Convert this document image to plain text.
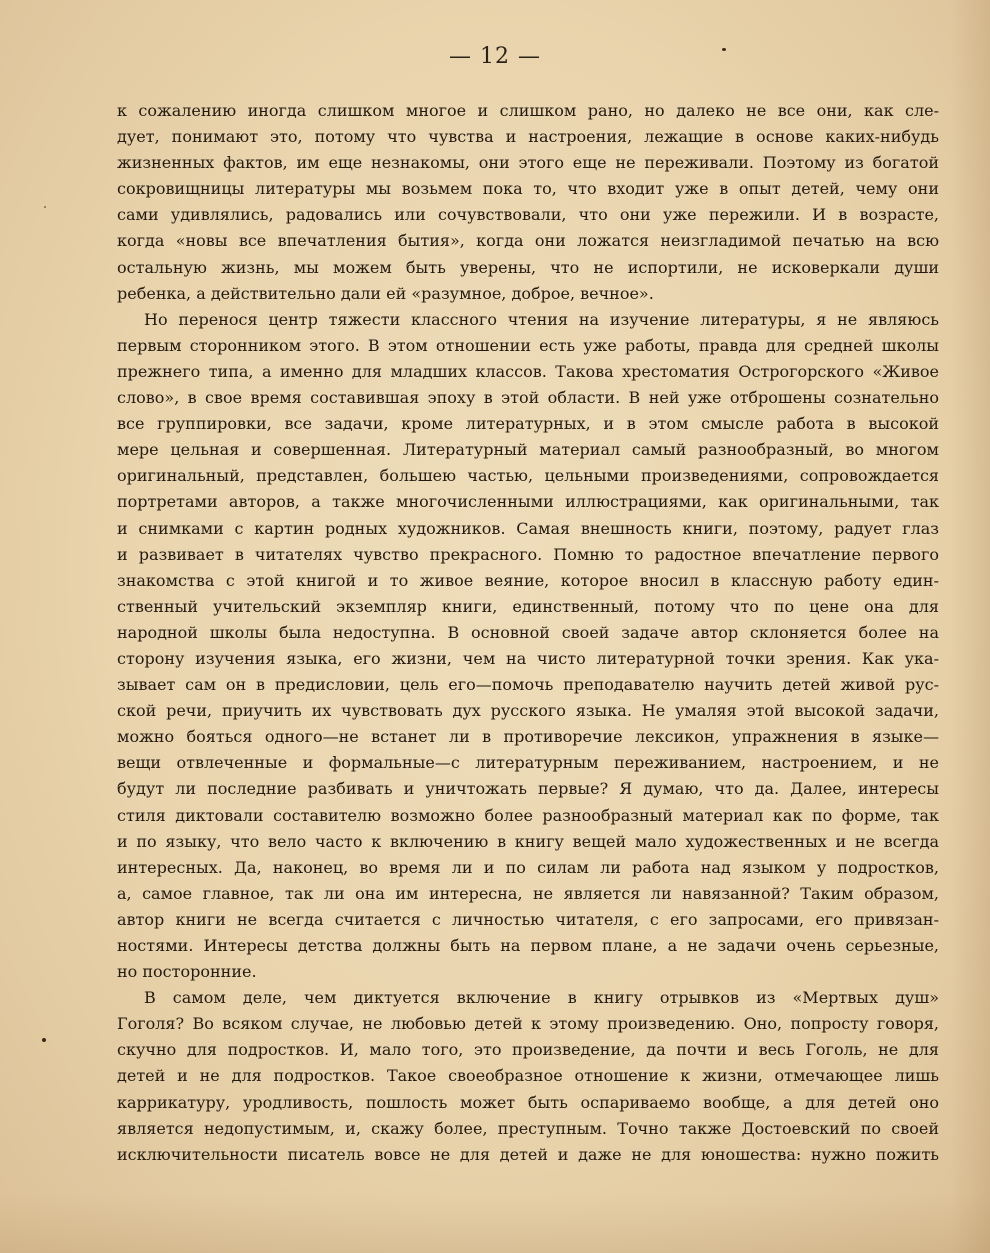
— 12 —

к сожалению иногда слишком многое и слишком рано, но далеко не все они, как сле-
дует, понимают это, потому что чувства и настроения, лежащие в основе каких-нибудь
жизненных фактов, им еще незнакомы, они этого еще не переживали. Поэтому из богатой
сокровищницы литературы мы возьмем пока то, что входит уже в опыт детей, чему они
сами удивлялись, радовались или сочувствовали, что они уже пережили. И в возрасте,
когда «новы все впечатления бытия», когда они ложатся неизгладимой печатью на всю
остальную жизнь, мы можем быть уверены, что не испортили, не исковеркали души
ребенка, а действительно дали ей «разумное, доброе, вечное».

Но перенося центр тяжести классного чтения на изучение литературы, я не являюсь
первым сторонником этого. В этом отношении есть уже работы, правда для средней школы
прежнего типа, а именно для младших классов. Такова хрестоматия Острогорского «Живое
слово», в свое время составившая эпоху в этой области. В ней уже отброшены сознательно
все группировки, все задачи, кроме литературных, и в этом смысле работа в высокой
мере цельная и совершенная. Литературный материал самый разнообразный, во многом
оригинальный, представлен, большею частью, цельными произведениями, сопровождается
портретами авторов, а также многочисленными иллюстрациями, как оригинальными, так
и снимками с картин родных художников. Самая внешность книги, поэтому, радует глаз
и развивает в читателях чувство прекрасного. Помню то радостное впечатление первого
знакомства с этой книгой и то живое веяние, которое вносил в классную работу един-
ственный учительский экземпляр книги, единственный, потому что по цене она для
народной школы была недоступна. В основной своей задаче автор склоняется более на
сторону изучения языка, его жизни, чем на чисто литературной точки зрения. Как ука-
зывает сам он в предисловии, цель его—помочь преподавателю научить детей живой рус-
ской речи, приучить их чувствовать дух русского языка. Не умаляя этой высокой задачи,
можно бояться одного—не встанет ли в противоречие лексикон, упражнения в языке—
вещи отвлеченные и формальные—с литературным переживанием, настроением, и не
будут ли последние разбивать и уничтожать первые? Я думаю, что да. Далее, интересы
стиля диктовали составителю возможно более разнообразный материал как по форме, так
и по языку, что вело часто к включению в книгу вещей мало художественных и не всегда
интересных. Да, наконец, во время ли и по силам ли работа над языком у подростков,
а, самое главное, так ли она им интересна, не является ли навязанной? Таким образом,
автор книги не всегда считается с личностью читателя, с его запросами, его привязан-
ностями. Интересы детства должны быть на первом плане, а не задачи очень серьезные,
но посторонние.

В самом деле, чем диктуется включение в книгу отрывков из «Мертвых душ»
Гоголя? Во всяком случае, не любовью детей к этому произведению. Оно, попросту говоря,
скучно для подростков. И, мало того, это произведение, да почти и весь Гоголь, не для
детей и не для подростков. Такое своеобразное отношение к жизни, отмечающее лишь
каррикатуру, уродливость, пошлость может быть оспариваемо вообще, а для детей оно
является недопустимым, и, скажу более, преступным. Точно также Достоевский по своей
исключительности писатель вовсе не для детей и даже не для юношества: нужно пожить
